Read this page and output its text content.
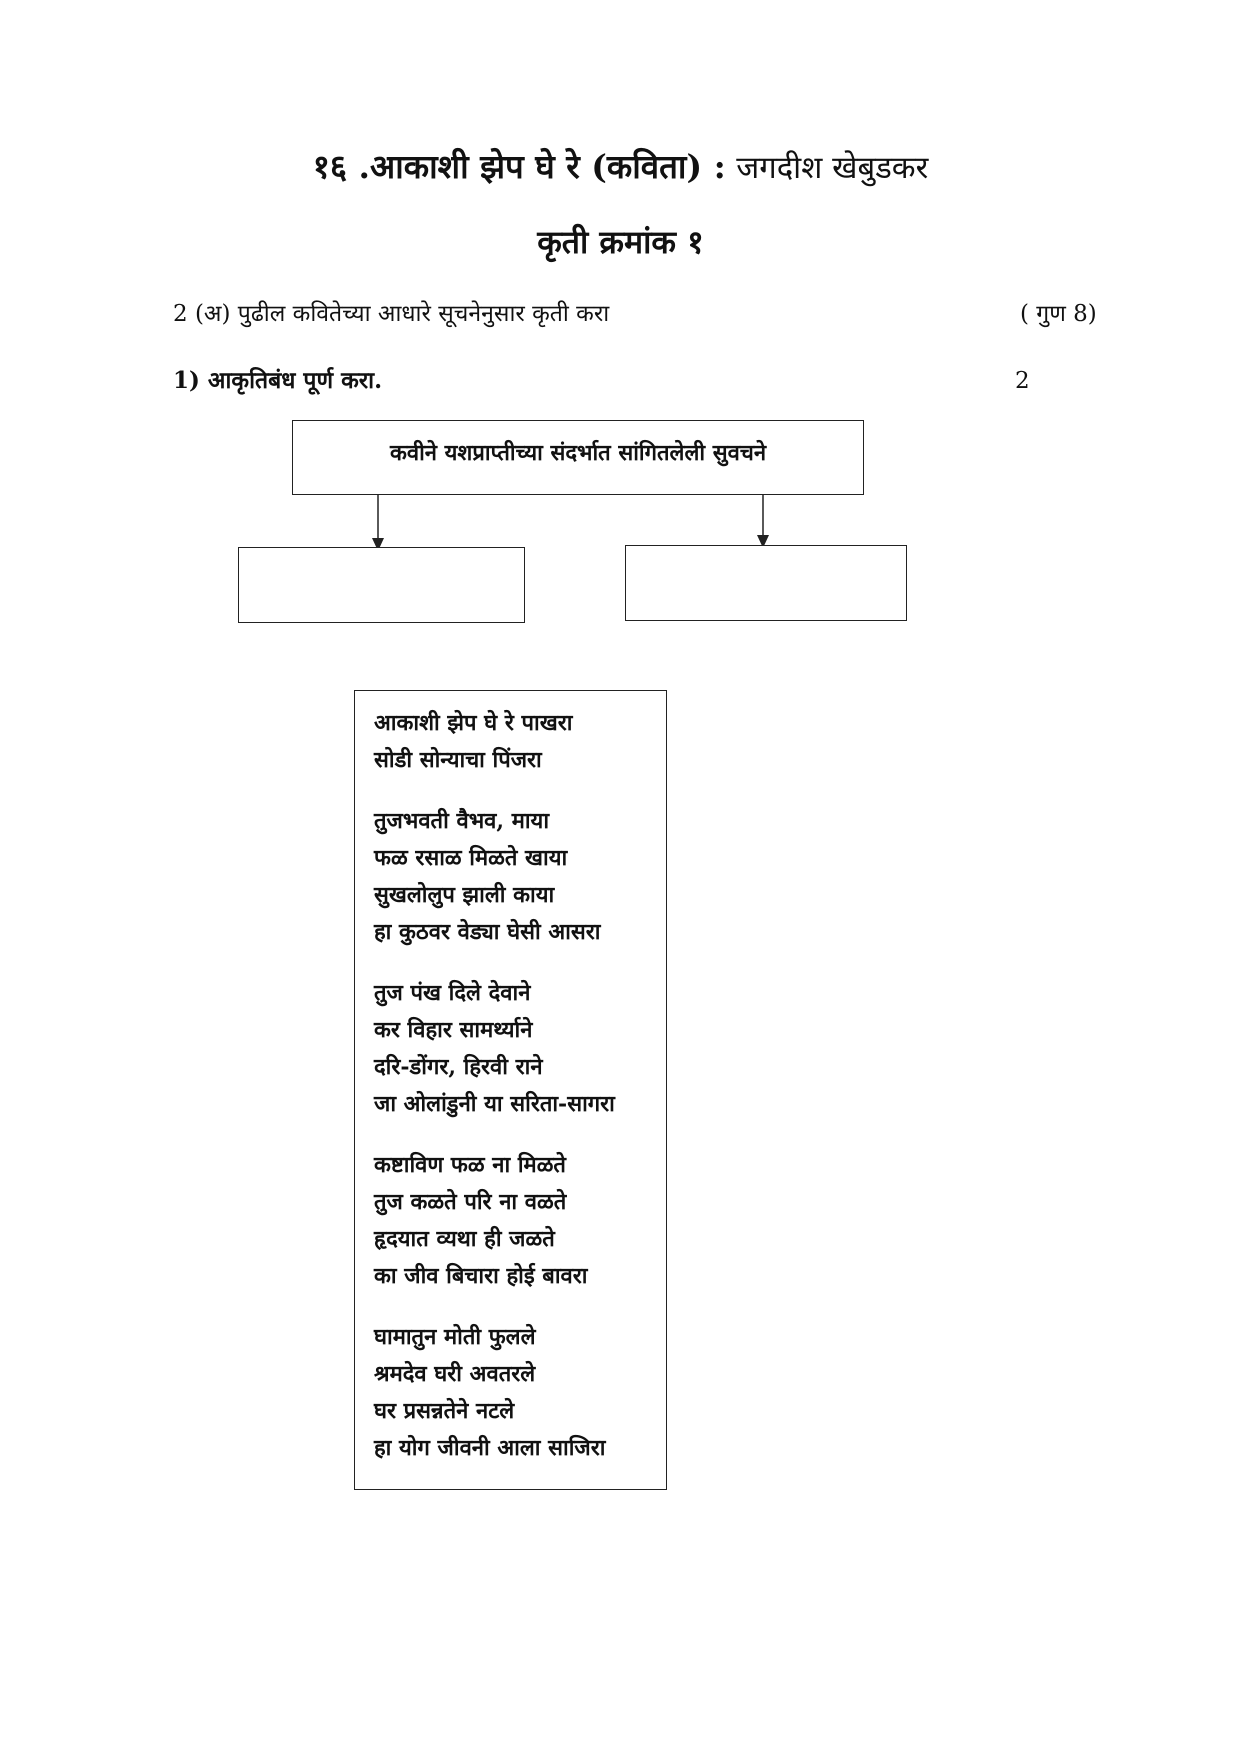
१६ .आकाशी झेप घे रे (कविता) : जगदीश खेबुडकर
कृती क्रमांक १
2 (अ) पुढील कवितेच्या आधारे सूचनेनुसार कृती करा	( गुण 8)
1) आकृतिबंध पूर्ण करा.	2
कवीने यशप्राप्तीच्या संदर्भात सांगितलेली सुवचने
आकाशी झेप घे रे पाखरा
सोडी सोन्याचा पिंजरा
तुजभवती वैभव, माया
फळ रसाळ मिळते खाया
सुखलोलुप झाली काया
हा कुठवर वेड्या घेसी आसरा
तुज पंख दिले देवाने
कर विहार सामर्थ्याने
दरि-डोंगर, हिरवी राने
जा ओलांडुनी या सरिता-सागरा
कष्टाविण फळ ना मिळते
तुज कळते परि ना वळते
हृदयात व्यथा ही जळते
का जीव बिचारा होई बावरा
घामातुन मोती फुलले
श्रमदेव घरी अवतरले
घर प्रसन्नतेने नटले
हा योग जीवनी आला साजिरा
